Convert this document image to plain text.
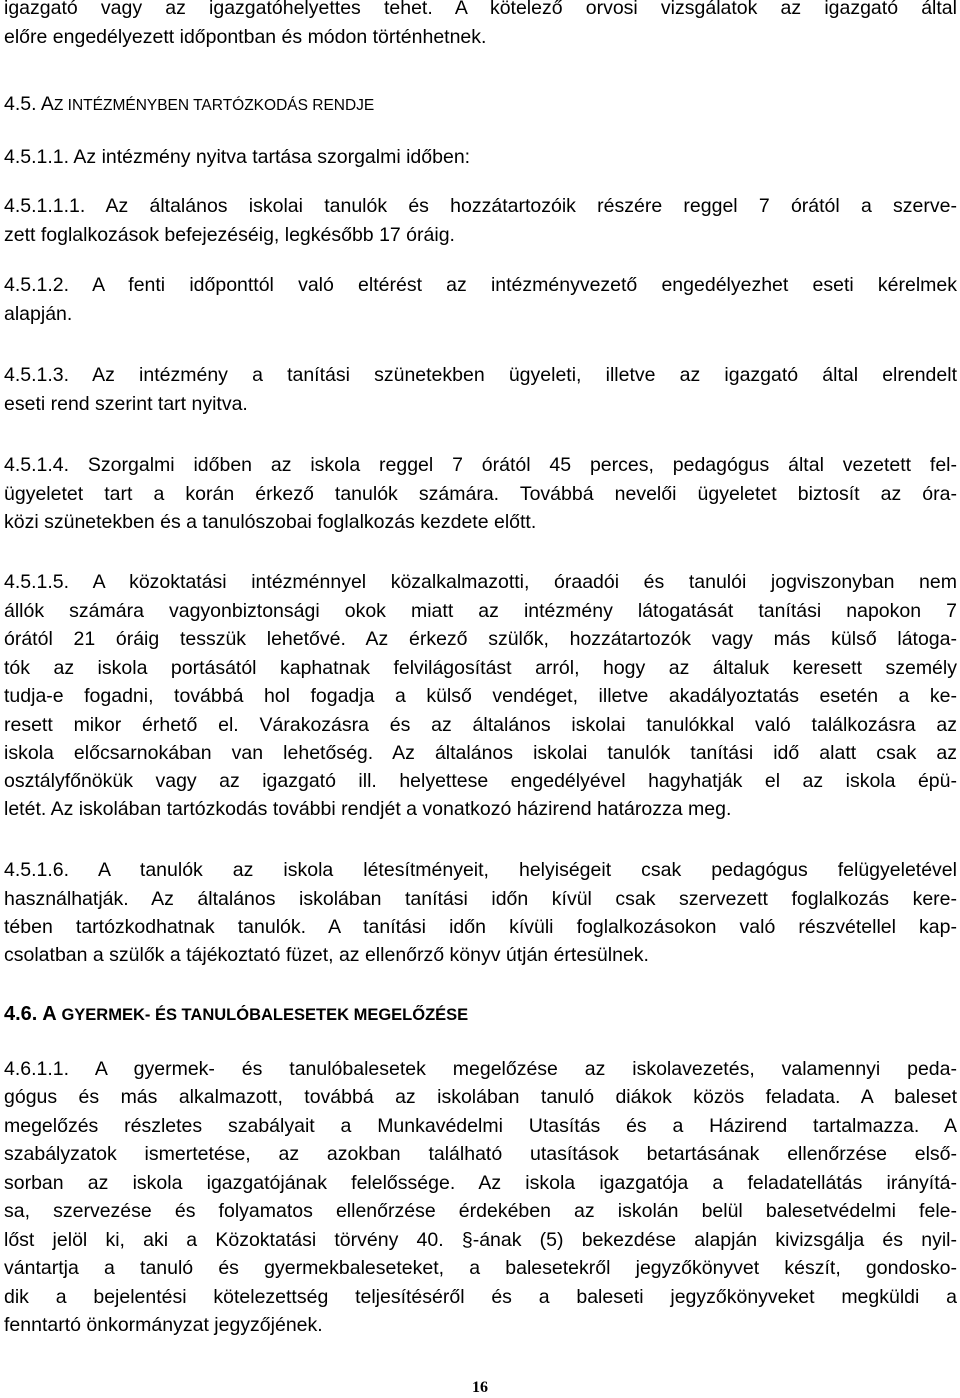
igazgató vagy az igazgatóhelyettes tehet. A kötelező orvosi vizsgálatok az igazgató által
előre engedélyezett időpontban és módon történhetnek.
4.5. AZ INTÉZMÉNYBEN TARTÓZKODÁS RENDJE
4.5.1.1. Az intézmény nyitva tartása szorgalmi időben:
4.5.1.1.1. Az általános iskolai tanulók és hozzátartozóik részére reggel 7 órától a szerve-
zett foglalkozások befejezéséig, legkésőbb 17 óráig.
4.5.1.2. A fenti időponttól való eltérést az intézményvezető engedélyezhet eseti kérelmek
alapján.
4.5.1.3. Az intézmény a tanítási szünetekben ügyeleti, illetve az igazgató által elrendelt
eseti rend szerint tart nyitva.
4.5.1.4. Szorgalmi időben az iskola reggel 7 órától 45 perces, pedagógus által vezetett fel-
ügyeletet tart a korán érkező tanulók számára. Továbbá nevelői ügyeletet biztosít az óra-
közi szünetekben és a tanulószobai foglalkozás kezdete előtt.
4.5.1.5. A közoktatási intézménnyel közalkalmazotti, óraadói és tanulói jogviszonyban nem
állók számára vagyonbiztonsági okok miatt az intézmény látogatását tanítási napokon 7
órától 21 óráig tesszük lehetővé. Az érkező szülők, hozzátartozók vagy más külső látoga-
tók az iskola portásától kaphatnak felvilágosítást arról, hogy az általuk keresett személy
tudja-e fogadni, továbbá hol fogadja a külső vendéget, illetve akadályoztatás esetén a ke-
resett mikor érhető el. Várakozásra és az általános iskolai tanulókkal való találkozásra az
iskola előcsarnokában van lehetőség. Az általános iskolai tanulók tanítási idő alatt csak az
osztályfőnökük vagy az igazgató ill. helyettese engedélyével hagyhatják el az iskola épü-
letét. Az iskolában tartózkodás további rendjét a vonatkozó házirend határozza meg.
4.5.1.6. A tanulók az iskola létesítményeit, helyiségeit csak pedagógus felügyeletével
használhatják. Az általános iskolában tanítási időn kívül csak szervezett foglalkozás kere-
tében tartózkodhatnak tanulók. A tanítási időn kívüli foglalkozásokon való részvétellel kap-
csolatban a szülők a tájékoztató füzet, az ellenőrző könyv útján értesülnek.
4.6. A GYERMEK- ÉS TANULÓBALESETEK MEGELŐZÉSE
4.6.1.1. A gyermek- és tanulóbalesetek megelőzése az iskolavezetés, valamennyi peda-
gógus és más alkalmazott, továbbá az iskolában tanuló diákok közös feladata. A baleset
megelőzés részletes szabályait a Munkavédelmi Utasítás és a Házirend tartalmazza. A
szabályzatok ismertetése, az azokban található utasítások betartásának ellenőrzése első-
sorban az iskola igazgatójának felelőssége. Az iskola igazgatója a feladatellátás irányítá-
sa, szervezése és folyamatos ellenőrzése érdekében az iskolán belül balesetvédelmi fele-
lőst jelöl ki, aki a Közoktatási törvény 40. §-ának (5) bekezdése alapján kivizsgálja és nyil-
vántartja a tanuló és gyermekbaleseteket, a balesetekről jegyzőkönyvet készít, gondosko-
dik a bejelentési kötelezettség teljesítéséről és a baleseti jegyzőkönyveket megküldi a
fenntartó önkormányzat jegyzőjének.
16
